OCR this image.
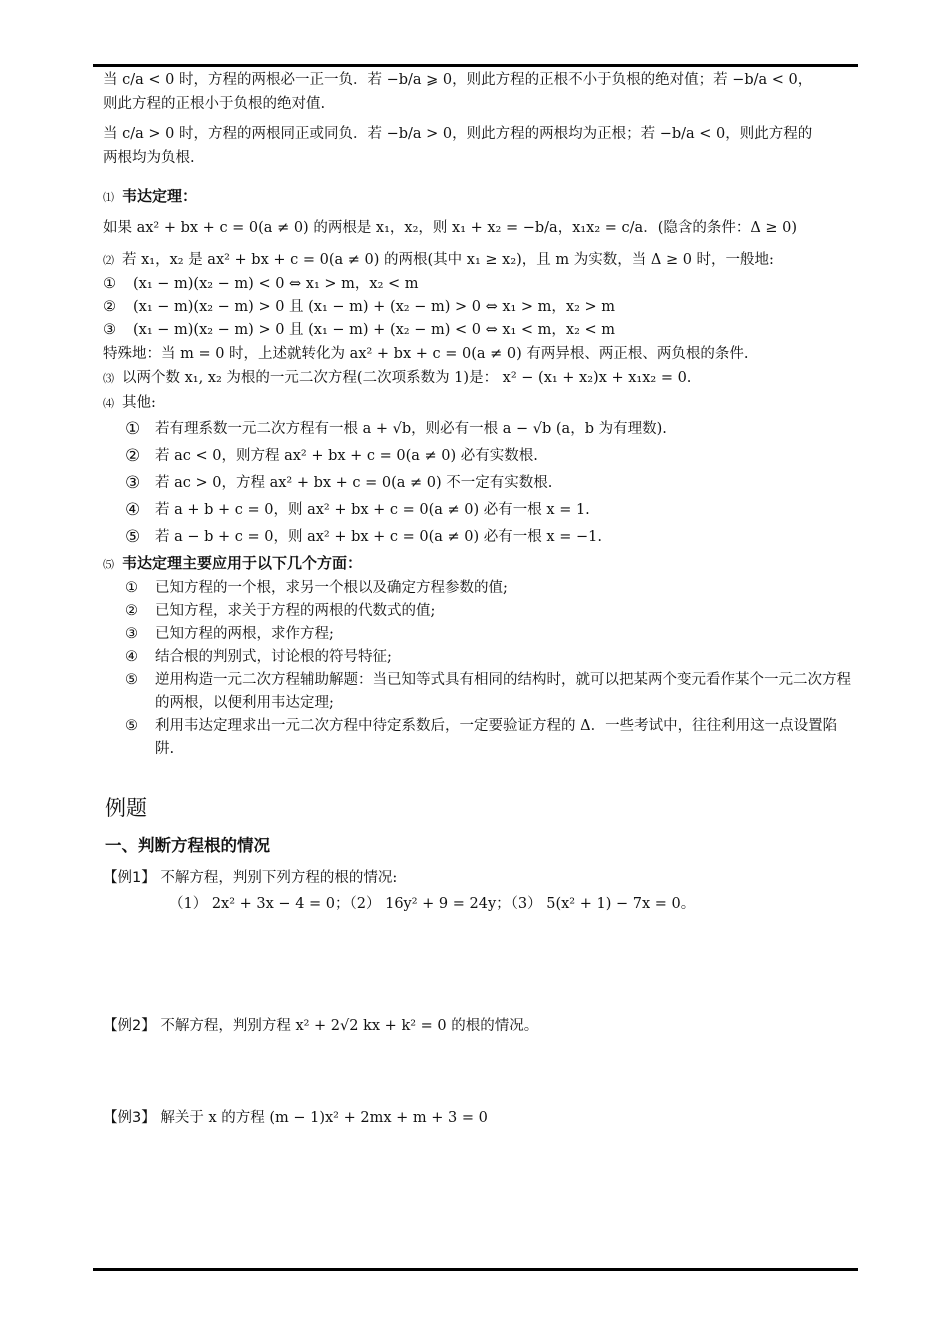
当 c/a < 0 时，方程的两根必一正一负．若 −b/a ⩾ 0，则此方程的正根不小于负根的绝对值；若 −b/a < 0，

则此方程的正根小于负根的绝对值.

当 c/a > 0 时，方程的两根同正或同负．若 −b/a > 0，则此方程的两根均为正根；若 −b/a < 0，则此方程的

两根均为负根.

⑴ 韦达定理：

如果 ax² + bx + c = 0(a ≠ 0) 的两根是 x₁，x₂，则 x₁ + x₂ = −b/a，x₁x₂ = c/a．(隐含的条件：Δ ≥ 0)

⑵ 若 x₁，x₂ 是 ax² + bx + c = 0(a ≠ 0) 的两根(其中 x₁ ≥ x₂)，且 m 为实数，当 Δ ≥ 0 时，一般地:

①	(x₁ − m)(x₂ − m) < 0 ⇔ x₁ > m，x₂ < m

②	(x₁ − m)(x₂ − m) > 0 且 (x₁ − m) + (x₂ − m) > 0 ⇔ x₁ > m，x₂ > m

③	(x₁ − m)(x₂ − m) > 0 且 (x₁ − m) + (x₂ − m) < 0 ⇔ x₁ < m，x₂ < m

特殊地：当 m = 0 时，上述就转化为 ax² + bx + c = 0(a ≠ 0) 有两异根、两正根、两负根的条件.

⑶ 以两个数 x₁, x₂ 为根的一元二次方程(二次项系数为 1)是： x² − (x₁ + x₂)x + x₁x₂ = 0.

⑷ 其他:

①	若有理系数一元二次方程有一根 a + √b，则必有一根 a − √b (a，b 为有理数).

②	若 ac < 0，则方程 ax² + bx + c = 0(a ≠ 0) 必有实数根.

③	若 ac > 0，方程 ax² + bx + c = 0(a ≠ 0) 不一定有实数根.

④	若 a + b + c = 0，则 ax² + bx + c = 0(a ≠ 0) 必有一根 x = 1.

⑤	若 a − b + c = 0，则 ax² + bx + c = 0(a ≠ 0) 必有一根 x = −1.

⑸ 韦达定理主要应用于以下几个方面：

①	已知方程的一个根，求另一个根以及确定方程参数的值;

②	已知方程，求关于方程的两根的代数式的值;

③	已知方程的两根，求作方程;

④	结合根的判别式，讨论根的符号特征;

⑤	逆用构造一元二次方程辅助解题：当已知等式具有相同的结构时，就可以把某两个变元看作某个一元二次方程的两根，以便利用韦达定理;

⑤	利用韦达定理求出一元二次方程中待定系数后，一定要验证方程的 Δ．一些考试中，往往利用这一点设置陷阱.

例题
一、判断方程根的情况

【例1】 不解方程，判别下列方程的根的情况:

（1） 2x² + 3x − 4 = 0；（2） 16y² + 9 = 24y；（3） 5(x² + 1) − 7x = 0。

【例2】 不解方程，判别方程 x² + 2√2 kx + k² = 0 的根的情况。

【例3】 解关于 x 的方程 (m − 1)x² + 2mx + m + 3 = 0
